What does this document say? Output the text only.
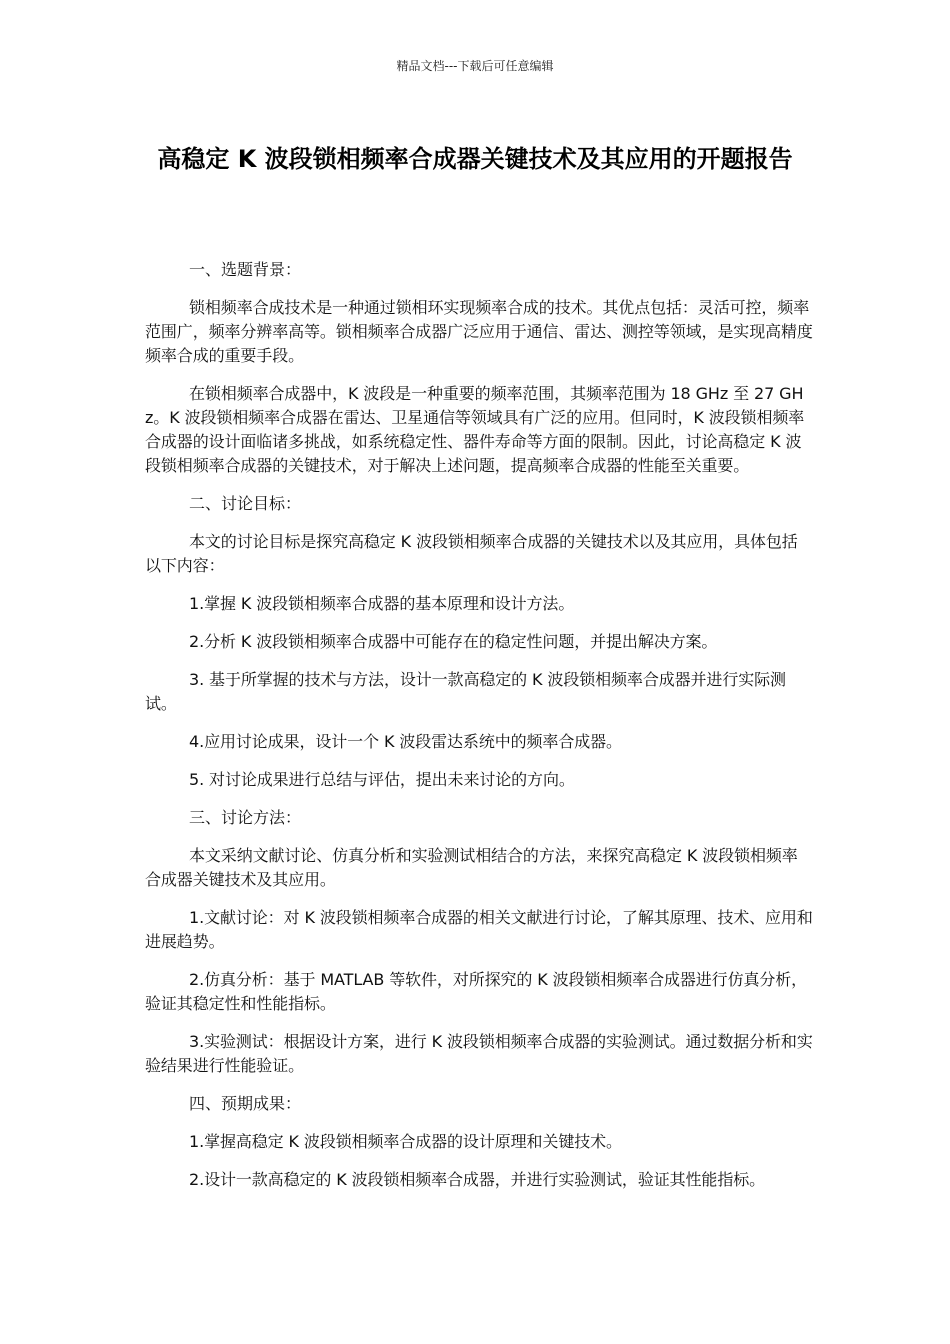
精品文档---下载后可任意编辑
高稳定 K 波段锁相频率合成器关键技术及其应用的开题报告

一、选题背景：

锁相频率合成技术是一种通过锁相环实现频率合成的技术。其优点包括：灵活可控，频率范围广，频率分辨率高等。锁相频率合成器广泛应用于通信、雷达、测控等领域，是实现高精度频率合成的重要手段。

在锁相频率合成器中，K 波段是一种重要的频率范围，其频率范围为 18 GHz 至 27 GHz。K 波段锁相频率合成器在雷达、卫星通信等领域具有广泛的应用。但同时，K 波段锁相频率合成器的设计面临诸多挑战，如系统稳定性、器件寿命等方面的限制。因此，讨论高稳定 K 波段锁相频率合成器的关键技术，对于解决上述问题，提高频率合成器的性能至关重要。

二、讨论目标：

本文的讨论目标是探究高稳定 K 波段锁相频率合成器的关键技术以及其应用，具体包括以下内容：

1.掌握 K 波段锁相频率合成器的基本原理和设计方法。

2.分析 K 波段锁相频率合成器中可能存在的稳定性问题，并提出解决方案。

3. 基于所掌握的技术与方法，设计一款高稳定的 K 波段锁相频率合成器并进行实际测试。

4.应用讨论成果，设计一个 K 波段雷达系统中的频率合成器。

5. 对讨论成果进行总结与评估，提出未来讨论的方向。

三、讨论方法：

本文采纳文献讨论、仿真分析和实验测试相结合的方法，来探究高稳定 K 波段锁相频率合成器关键技术及其应用。

1.文献讨论：对 K 波段锁相频率合成器的相关文献进行讨论，了解其原理、技术、应用和进展趋势。

2.仿真分析：基于 MATLAB 等软件，对所探究的 K 波段锁相频率合成器进行仿真分析，验证其稳定性和性能指标。

3.实验测试：根据设计方案，进行 K 波段锁相频率合成器的实验测试。通过数据分析和实验结果进行性能验证。

四、预期成果：

1.掌握高稳定 K 波段锁相频率合成器的设计原理和关键技术。

2.设计一款高稳定的 K 波段锁相频率合成器，并进行实验测试，验证其性能指标。
